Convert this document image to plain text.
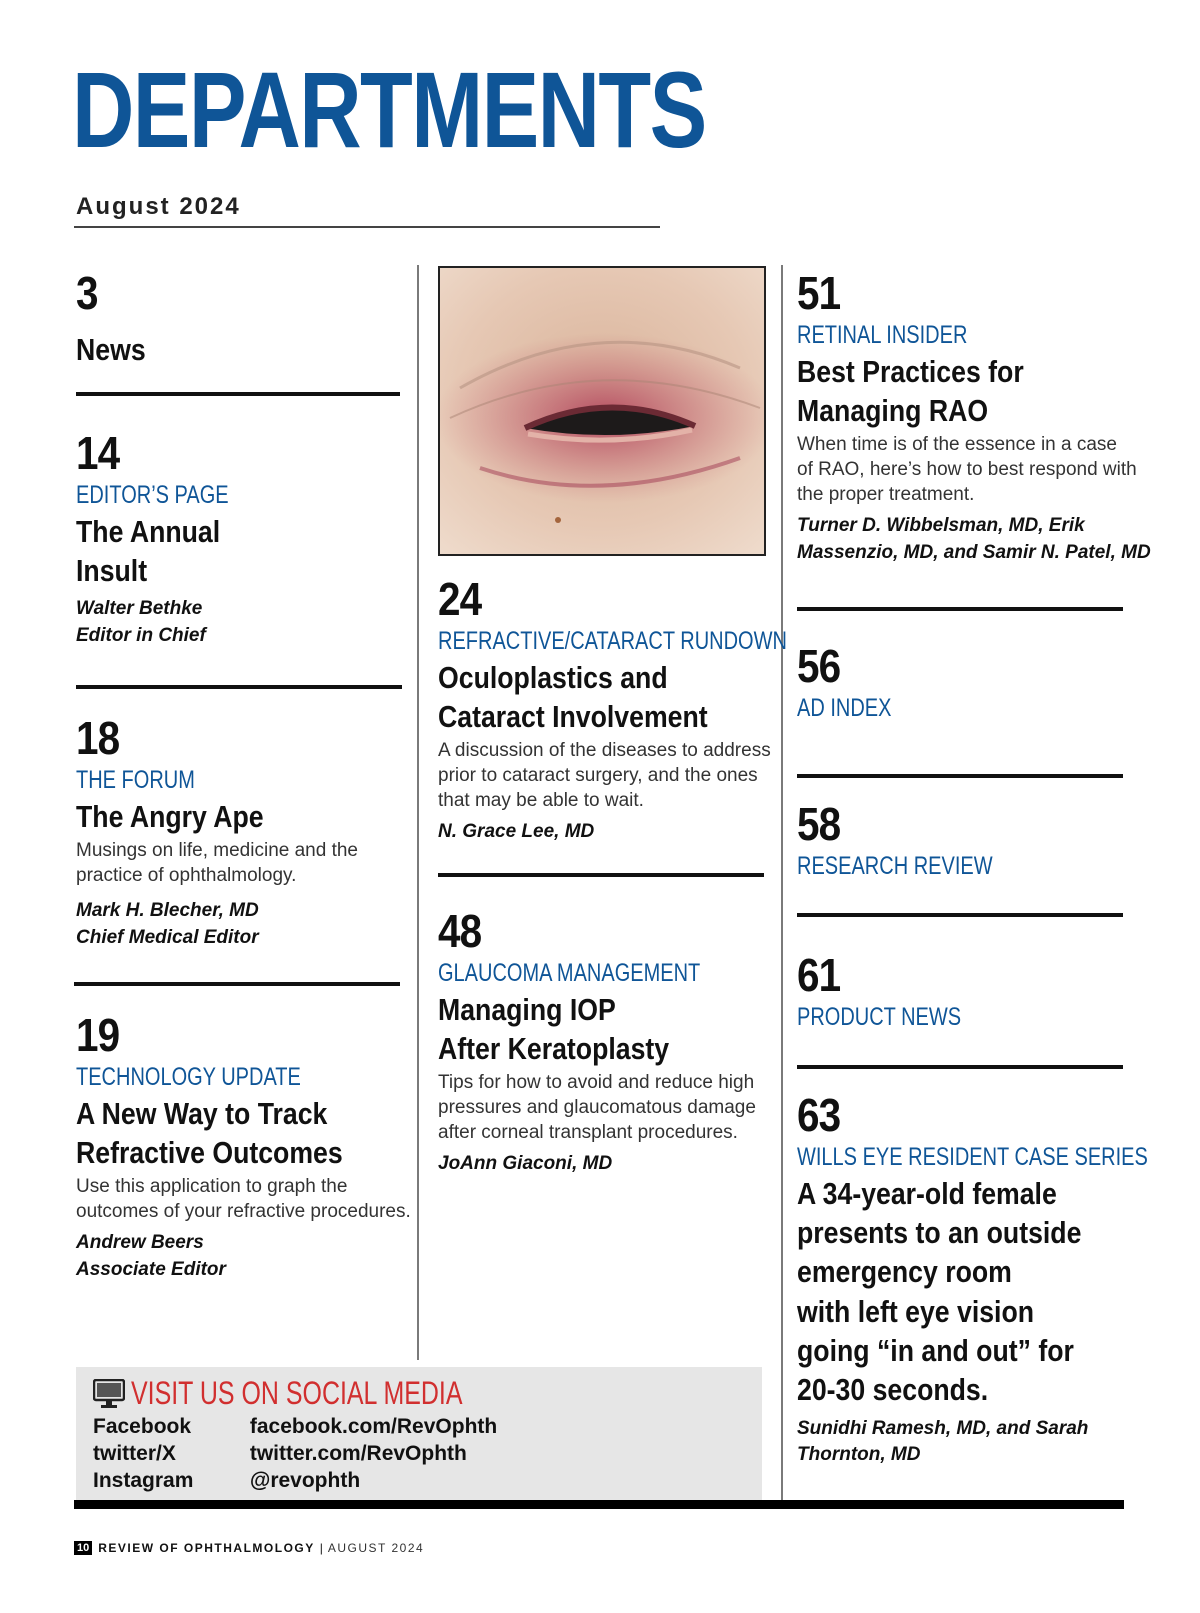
DEPARTMENTS
August 2024
3
News
14
EDITOR’S PAGE
The Annual
Insult
Walter Bethke
Editor in Chief
18
THE FORUM
The Angry Ape
Musings on life, medicine and the
practice of ophthalmology.
Mark H. Blecher, MD
Chief Medical Editor
19
TECHNOLOGY UPDATE
A New Way to Track
Refractive Outcomes
Use this application to graph the
outcomes of your refractive procedures.
Andrew Beers
Associate Editor
24
REFRACTIVE/CATARACT RUNDOWN
Oculoplastics and
Cataract Involvement
A discussion of the diseases to address
prior to cataract surgery, and the ones
that may be able to wait.
N. Grace Lee, MD
48
GLAUCOMA MANAGEMENT
Managing IOP
After Keratoplasty
Tips for how to avoid and reduce high
pressures and glaucomatous damage
after corneal transplant procedures.
JoAnn Giaconi, MD
51
RETINAL INSIDER
Best Practices for
Managing RAO
When time is of the essence in a case
of RAO, here’s how to best respond with
the proper treatment.
Turner D. Wibbelsman, MD, Erik
Massenzio, MD, and Samir N. Patel, MD
56
AD INDEX
58
RESEARCH REVIEW
61
PRODUCT NEWS
63
WILLS EYE RESIDENT CASE SERIES
A 34-year-old female
presents to an outside
emergency room
with left eye vision
going “in and out” for
20-30 seconds.
Sunidhi Ramesh, MD, and Sarah
Thornton, MD
VISIT US ON SOCIAL MEDIA
Facebook	facebook.com/RevOphth
twitter/X	twitter.com/RevOphth
Instagram	@revophth
10 REVIEW OF OPHTHALMOLOGY | AUGUST 2024
